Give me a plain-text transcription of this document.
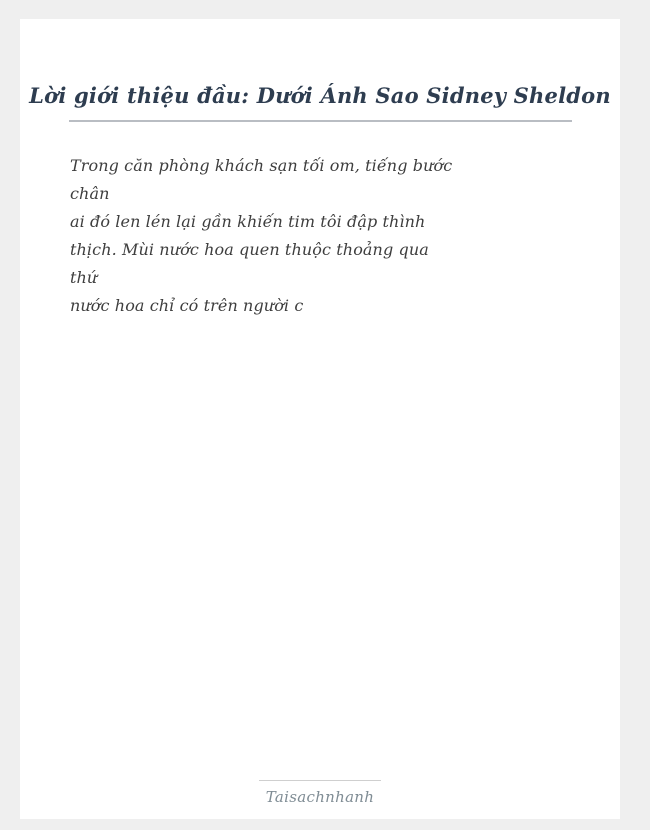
Lời giới thiệu đầu: Dưới Ánh Sao Sidney Sheldon

Trong căn phòng khách sạn tối om, tiếng bước

chân

ai đó len lén lại gần khiến tim tôi đập thình

thịch. Mùi nước hoa quen thuộc thoảng qua

thứ

nước hoa chỉ có trên người c

Taisachnhanh
